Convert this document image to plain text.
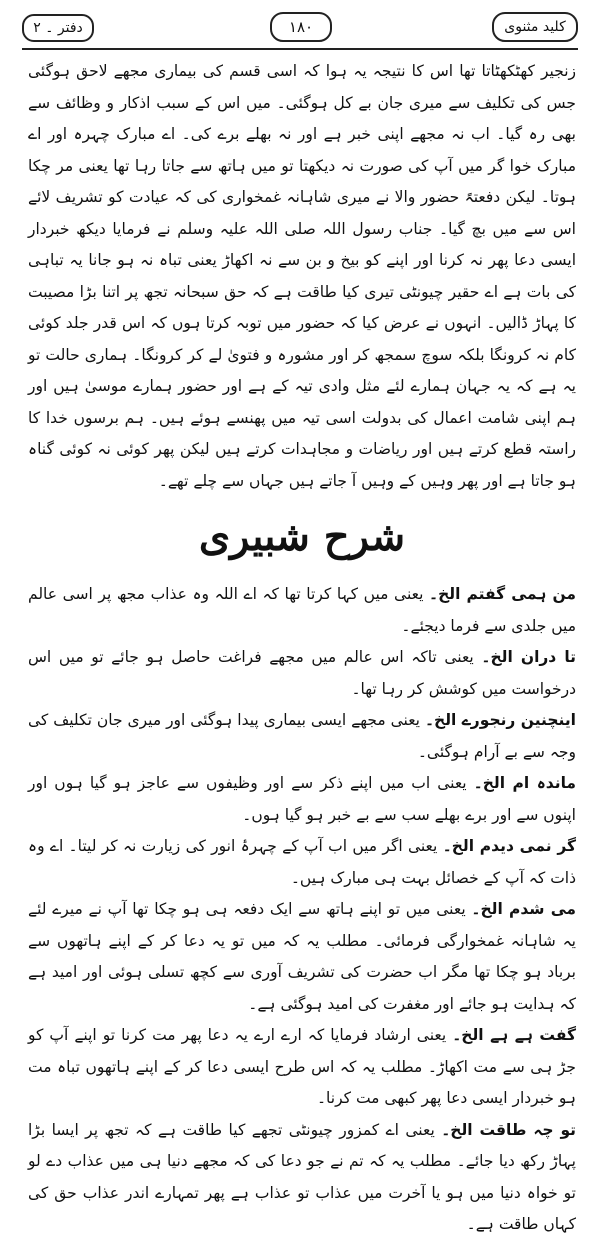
دفتر ۔ ۲	۱۸۰	کلید مثنوی

زنجیر کھٹکھٹاتا تھا اس کا نتیجہ یہ ہوا کہ اسی قسم کی بیماری مجھے لاحق ہوگئی جس کی تکلیف سے میری جان بے کل ہوگئی۔ میں اس کے سبب اذکار و وظائف سے بھی رہ گیا۔ اب نہ مجھے اپنی خبر ہے اور نہ بھلے برے کی۔ اے مبارک چہرہ اور اے مبارک خوا گر میں آپ کی صورت نہ دیکھتا تو میں ہاتھ سے جاتا رہا تھا یعنی مر چکا ہوتا۔ لیکن دفعتہً حضور والا نے میری شاہانہ غمخواری کی کہ عیادت کو تشریف لائے اس سے میں بچ گیا۔ جناب رسول اللہ صلی اللہ علیہ وسلم نے فرمایا دیکھ خبردار ایسی دعا پھر نہ کرنا اور اپنے کو بیخ و بن سے نہ اکھاڑ یعنی تباہ نہ ہو جانا یہ تباہی کی بات ہے اے حقیر چیونٹی تیری کیا طاقت ہے کہ حق سبحانہ تجھ پر اتنا بڑا مصیبت کا پہاڑ ڈالیں۔ انہوں نے عرض کیا کہ حضور میں توبہ کرتا ہوں کہ اس قدر جلد کوئی کام نہ کرونگا بلکہ سوچ سمجھ کر اور مشورہ و فتویٰ لے کر کرونگا۔ ہماری حالت تو یہ ہے کہ یہ جہان ہمارے لئے مثل وادی تیہ کے ہے اور حضور ہمارے موسیٰ ہیں اور ہم اپنی شامت اعمال کی بدولت اسی تیہ میں پھنسے ہوئے ہیں۔ ہم برسوں خدا کا راستہ قطع کرتے ہیں اور ریاضات و مجاہدات کرتے ہیں لیکن پھر کوئی نہ کوئی گناہ ہو جاتا ہے اور پھر وہیں کے وہیں آ جاتے ہیں جہاں سے چلے تھے۔

شرح شبیری

من ہمی گفتم الخ۔ یعنی میں کہا کرتا تھا کہ اے اللہ وہ عذاب مجھ پر اسی عالم میں جلدی سے فرما دیجئے۔

تا دران الخ۔ یعنی تاکہ اس عالم میں مجھے فراغت حاصل ہو جائے تو میں اس درخواست میں کوشش کر رہا تھا۔

اینچنین رنجورے الخ۔ یعنی مجھے ایسی بیماری پیدا ہوگئی اور میری جان تکلیف کی وجہ سے بے آرام ہوگئی۔

ماندہ ام الخ۔ یعنی اب میں اپنے ذکر سے اور وظیفوں سے عاجز ہو گیا ہوں اور اپنوں سے اور برے بھلے سب سے بے خبر ہو گیا ہوں۔

گر نمی دیدم الخ۔ یعنی اگر میں اب آپ کے چہرۂ انور کی زیارت نہ کر لیتا۔ اے وہ ذات کہ آپ کے خصائل بہت ہی مبارک ہیں۔

می شدم الخ۔ یعنی میں تو اپنے ہاتھ سے ایک دفعہ ہی ہو چکا تھا آپ نے میرے لئے یہ شاہانہ غمخوارگی فرمائی۔ مطلب یہ کہ میں تو یہ دعا کر کے اپنے ہاتھوں سے برباد ہو چکا تھا مگر اب حضرت کی تشریف آوری سے کچھ تسلی ہوئی اور امید ہے کہ ہدایت ہو جائے اور مغفرت کی امید ہوگئی ہے۔

گفت ہے ہے الخ۔ یعنی ارشاد فرمایا کہ ارے ارے یہ دعا پھر مت کرنا تو اپنے آپ کو جڑ ہی سے مت اکھاڑ۔ مطلب یہ کہ اس طرح ایسی دعا کر کے اپنے ہاتھوں تباہ مت ہو خبردار ایسی دعا پھر کبھی مت کرنا۔

تو چہ طاقت الخ۔ یعنی اے کمزور چیونٹی تجھے کیا طاقت ہے کہ تجھ پر ایسا بڑا پہاڑ رکھ دیا جائے۔ مطلب یہ کہ تم نے جو دعا کی کہ مجھے دنیا ہی میں عذاب دے لو تو خواہ دنیا میں ہو یا آخرت میں عذاب تو عذاب ہے پھر تمہارے اندر عذاب حق کی کہاں طاقت ہے۔
